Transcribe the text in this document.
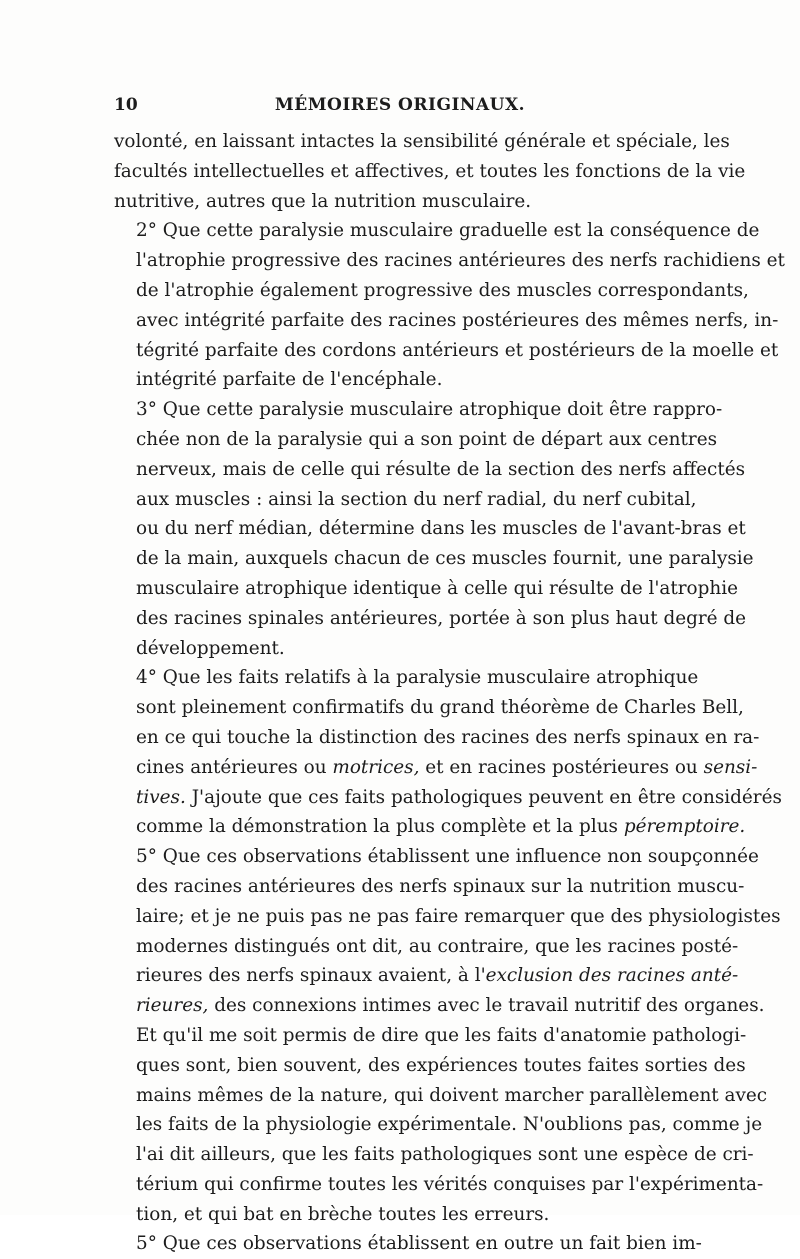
10	MÉMOIRES ORIGINAUX.

volonté, en laissant intactes la sensibilité générale et spéciale, les
facultés intellectuelles et affectives, et toutes les fonctions de la vie
nutritive, autres que la nutrition musculaire.

2° Que cette paralysie musculaire graduelle est la conséquence de
l'atrophie progressive des racines antérieures des nerfs rachidiens et
de l'atrophie également progressive des muscles correspondants,
avec intégrité parfaite des racines postérieures des mêmes nerfs, in-
tégrité parfaite des cordons antérieurs et postérieurs de la moelle et
intégrité parfaite de l'encéphale.

3° Que cette paralysie musculaire atrophique doit être rappro-
chée non de la paralysie qui a son point de départ aux centres
nerveux, mais de celle qui résulte de la section des nerfs affectés
aux muscles : ainsi la section du nerf radial, du nerf cubital,
ou du nerf médian, détermine dans les muscles de l'avant-bras et
de la main, auxquels chacun de ces muscles fournit, une paralysie
musculaire atrophique identique à celle qui résulte de l'atrophie
des racines spinales antérieures, portée à son plus haut degré de
développement.

4° Que les faits relatifs à la paralysie musculaire atrophique
sont pleinement confirmatifs du grand théorème de Charles Bell,
en ce qui touche la distinction des racines des nerfs spinaux en ra-
cines antérieures ou motrices, et en racines postérieures ou sensi-
tives. J'ajoute que ces faits pathologiques peuvent en être considérés
comme la démonstration la plus complète et la plus péremptoire.

5° Que ces observations établissent une influence non soupçonnée
des racines antérieures des nerfs spinaux sur la nutrition muscu-
laire; et je ne puis pas ne pas faire remarquer que des physiologistes
modernes distingués ont dit, au contraire, que les racines posté-
rieures des nerfs spinaux avaient, à l'exclusion des racines anté-
rieures, des connexions intimes avec le travail nutritif des organes.
Et qu'il me soit permis de dire que les faits d'anatomie pathologi-
ques sont, bien souvent, des expériences toutes faites sorties des
mains mêmes de la nature, qui doivent marcher parallèlement avec
les faits de la physiologie expérimentale. N'oublions pas, comme je
l'ai dit ailleurs, que les faits pathologiques sont une espèce de cri-
térium qui confirme toutes les vérités conquises par l'expérimenta-
tion, et qui bat en brèche toutes les erreurs.

5° Que ces observations établissent en outre un fait bien im-
